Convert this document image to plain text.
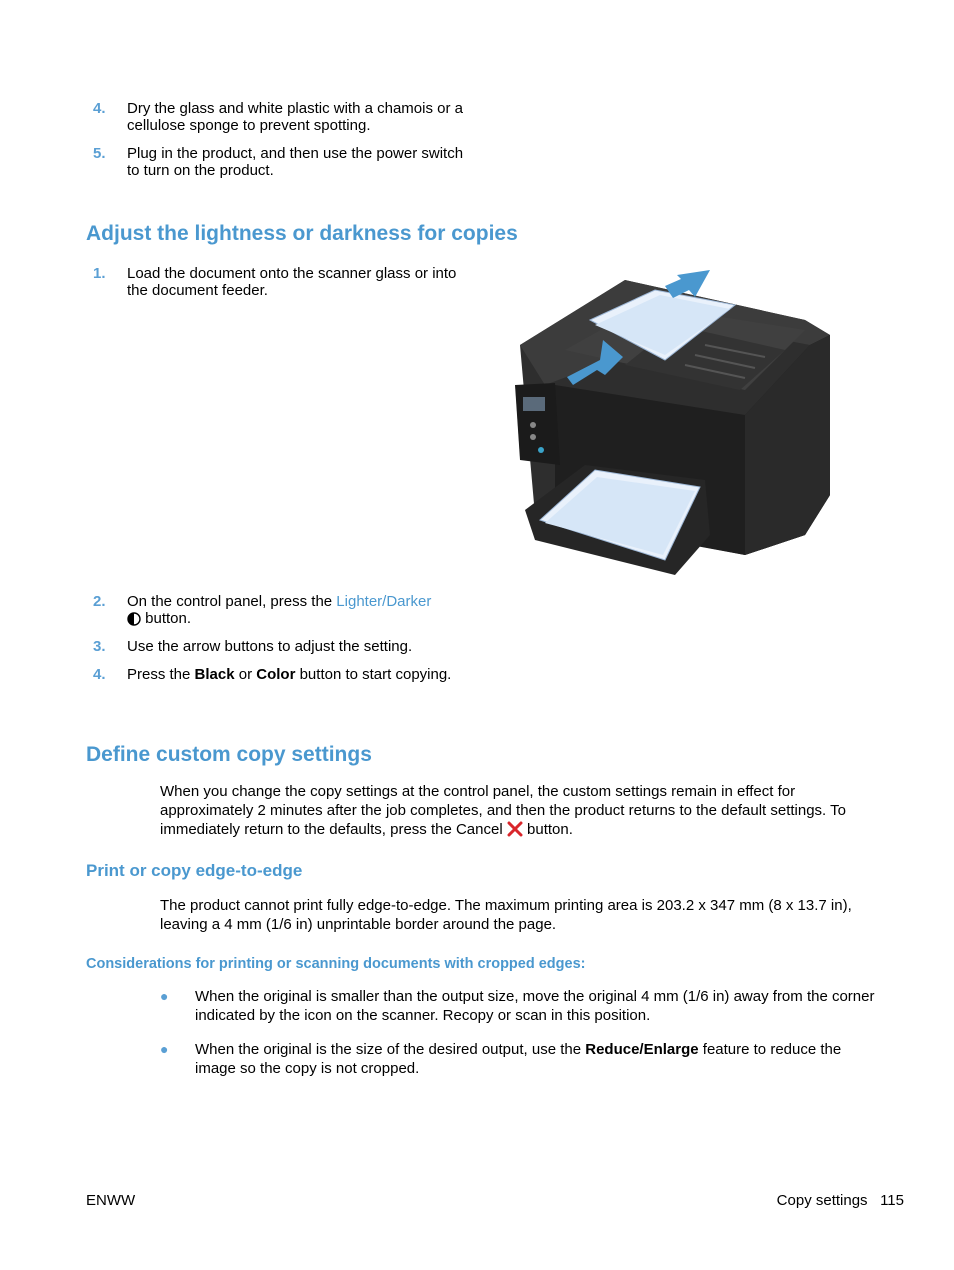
4. Dry the glass and white plastic with a chamois or a cellulose sponge to prevent spotting.
5. Plug in the product, and then use the power switch to turn on the product.
Adjust the lightness or darkness for copies
1. Load the document onto the scanner glass or into the document feeder.
2. On the control panel, press the Lighter/Darker
button.
3. Use the arrow buttons to adjust the setting.
4. Press the Black or Color button to start copying.
Define custom copy settings
When you change the copy settings at the control panel, the custom settings remain in effect for approximately 2 minutes after the job completes, and then the product returns to the default settings. To immediately return to the defaults, press the Cancel  button.
Print or copy edge-to-edge
The product cannot print fully edge-to-edge. The maximum printing area is 203.2 x 347 mm (8 x 13.7 in), leaving a 4 mm (1/6 in) unprintable border around the page.
Considerations for printing or scanning documents with cropped edges:
● When the original is smaller than the output size, move the original 4 mm (1/6 in) away from the corner indicated by the icon on the scanner. Recopy or scan in this position.
● When the original is the size of the desired output, use the Reduce/Enlarge feature to reduce the image so the copy is not cropped.
ENWW	Copy settings 115
